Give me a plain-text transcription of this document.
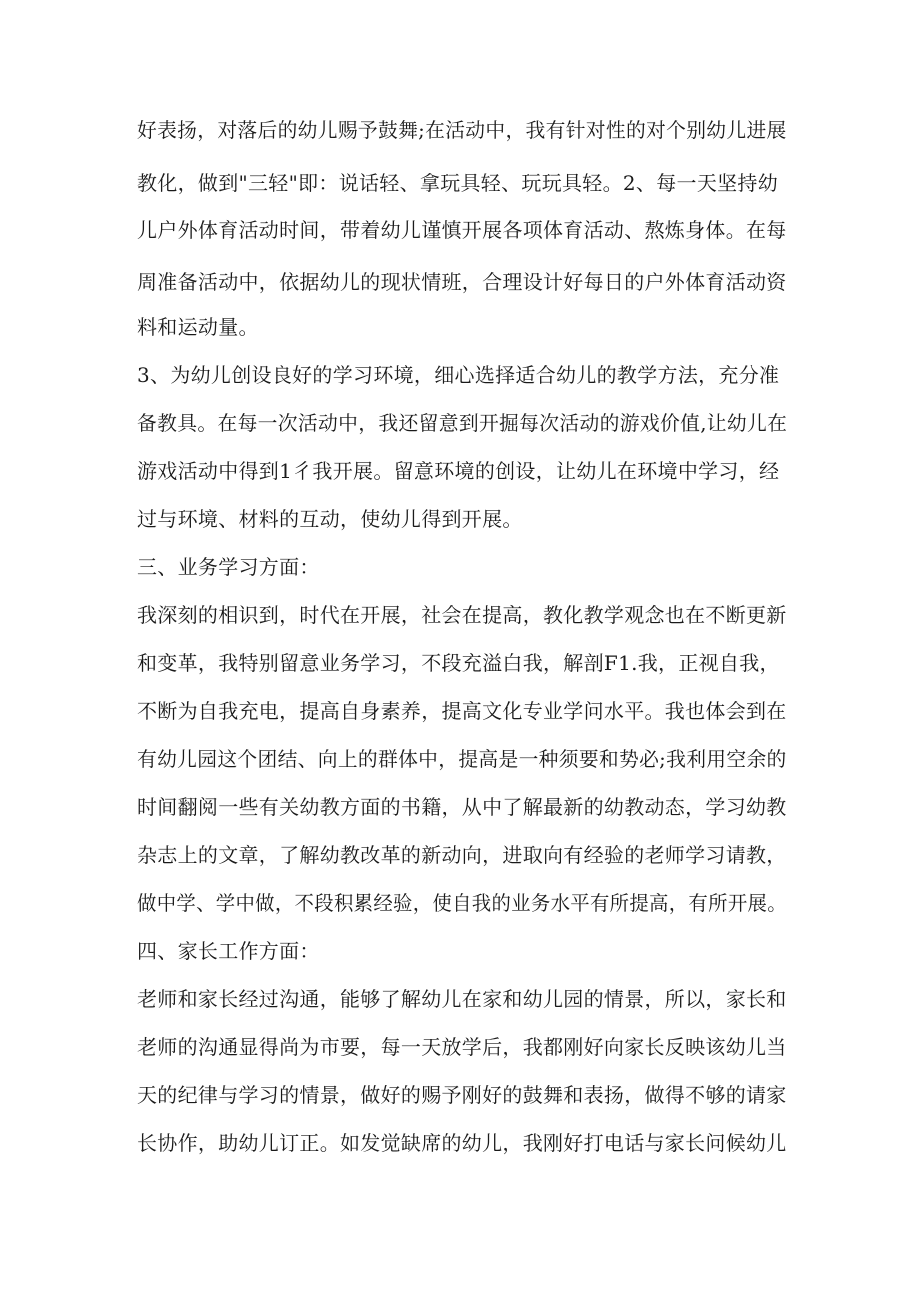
好表扬，对落后的幼儿赐予鼓舞;在活动中，我有针对性的对个别幼儿进展
教化，做到"三轻"即：说话轻、拿玩具轻、玩玩具轻。2、每一天坚持幼
儿户外体育活动时间，带着幼儿谨慎开展各项体育活动、熬炼身体。在每
周准备活动中，依据幼儿的现状情班，合理设计好每日的户外体育活动资
料和运动量。
3、为幼儿创设良好的学习环境，细心选择适合幼儿的教学方法，充分准
备教具。在每一次活动中，我还留意到开掘每次活动的游戏价值,让幼儿在
游戏活动中得到1彳我开展。留意环境的创设，让幼儿在环境中学习，经
过与环境、材料的互动，使幼儿得到开展。
三、业务学习方面：
我深刻的相识到，时代在开展，社会在提高，教化教学观念也在不断更新
和变革，我特别留意业务学习，不段充溢白我，解剖F1.我，正视自我，
不断为自我充电，提高自身素养，提高文化专业学问水平。我也体会到在
有幼儿园这个团结、向上的群体中，提高是一种须要和势必;我利用空余的
时间翻阅一些有关幼教方面的书籍，从中了解最新的幼教动态，学习幼教
杂志上的文章，了解幼教改革的新动向，进取向有经验的老师学习请教，
做中学、学中做，不段积累经验，使自我的业务水平有所提高，有所开展。
四、家长工作方面：
老师和家长经过沟通，能够了解幼儿在家和幼儿园的情景，所以，家长和
老师的沟通显得尚为市要，每一天放学后，我都刚好向家长反映该幼儿当
天的纪律与学习的情景，做好的赐予刚好的鼓舞和表扬，做得不够的请家
长协作，助幼儿订正。如发觉缺席的幼儿，我刚好打电话与家长问候幼儿
